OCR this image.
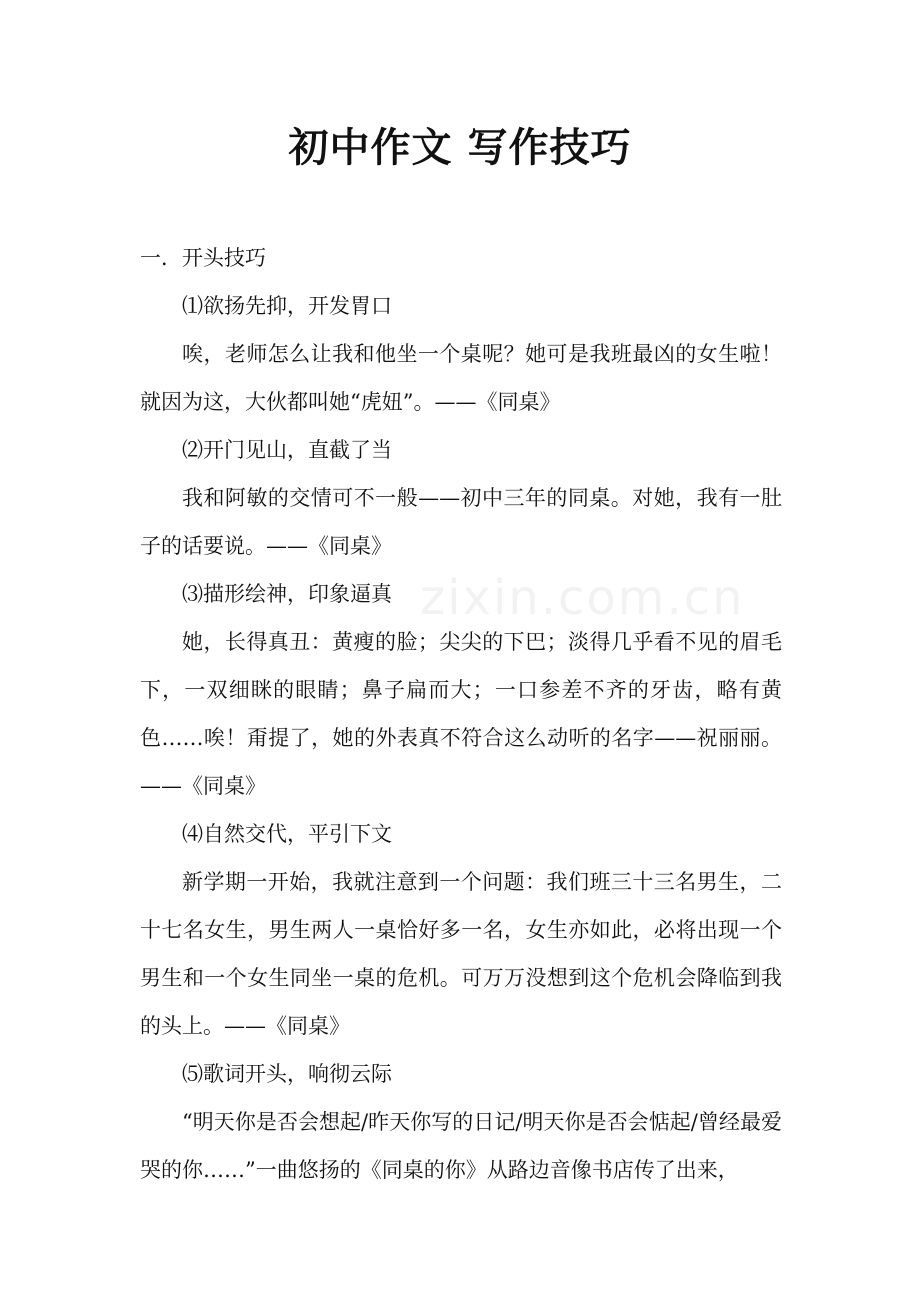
初中作文 写作技巧
zixin.com.cn

一．开头技巧

⑴欲扬先抑，开发胃口

唉，老师怎么让我和他坐一个桌呢？她可是我班最凶的女生啦！就因为这，大伙都叫她“虎妞”。——《同桌》

⑵开门见山，直截了当

我和阿敏的交情可不一般——初中三年的同桌。对她，我有一肚子的话要说。——《同桌》

⑶描形绘神，印象逼真

她，长得真丑：黄瘦的脸；尖尖的下巴；淡得几乎看不见的眉毛下，一双细眯的眼睛；鼻子扁而大；一口参差不齐的牙齿，略有黄色……唉！甭提了，她的外表真不符合这么动听的名字——祝丽丽。——《同桌》

⑷自然交代，平引下文

新学期一开始，我就注意到一个问题：我们班三十三名男生，二十七名女生，男生两人一桌恰好多一名，女生亦如此，必将出现一个男生和一个女生同坐一桌的危机。可万万没想到这个危机会降临到我的头上。——《同桌》

⑸歌词开头，响彻云际

“明天你是否会想起/昨天你写的日记/明天你是否会惦起/曾经最爱哭的你……”一曲悠扬的《同桌的你》从路边音像书店传了出来，
